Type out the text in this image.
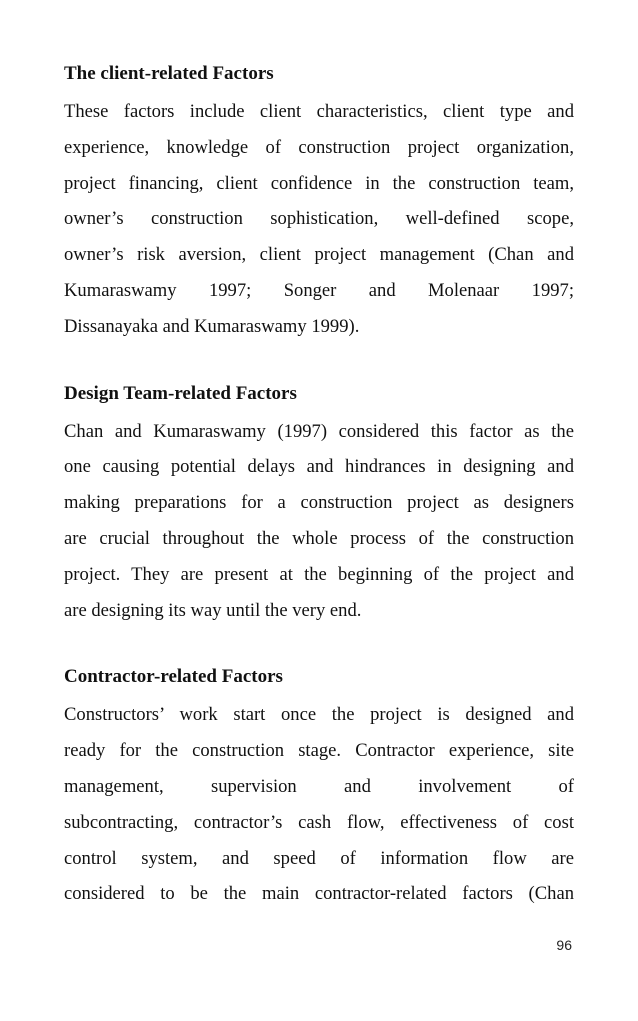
The client-related Factors

These factors include client characteristics, client type and
experience, knowledge of construction project organization,
project financing, client confidence in the construction team,
owner’s construction sophistication, well-defined scope,
owner’s risk aversion, client project management (Chan and
Kumaraswamy 1997; Songer and Molenaar 1997;
Dissanayaka and Kumaraswamy 1999).

Design Team-related Factors

Chan and Kumaraswamy (1997) considered this factor as the
one causing potential delays and hindrances in designing and
making preparations for a construction project as designers
are crucial throughout the whole process of the construction
project. They are present at the beginning of the project and
are designing its way until the very end.

Contractor-related Factors

Constructors’ work start once the project is designed and
ready for the construction stage. Contractor experience, site
management, supervision and involvement of
subcontracting, contractor’s cash flow, effectiveness of cost
control system, and speed of information flow are
considered to be the main contractor-related factors (Chan

96
